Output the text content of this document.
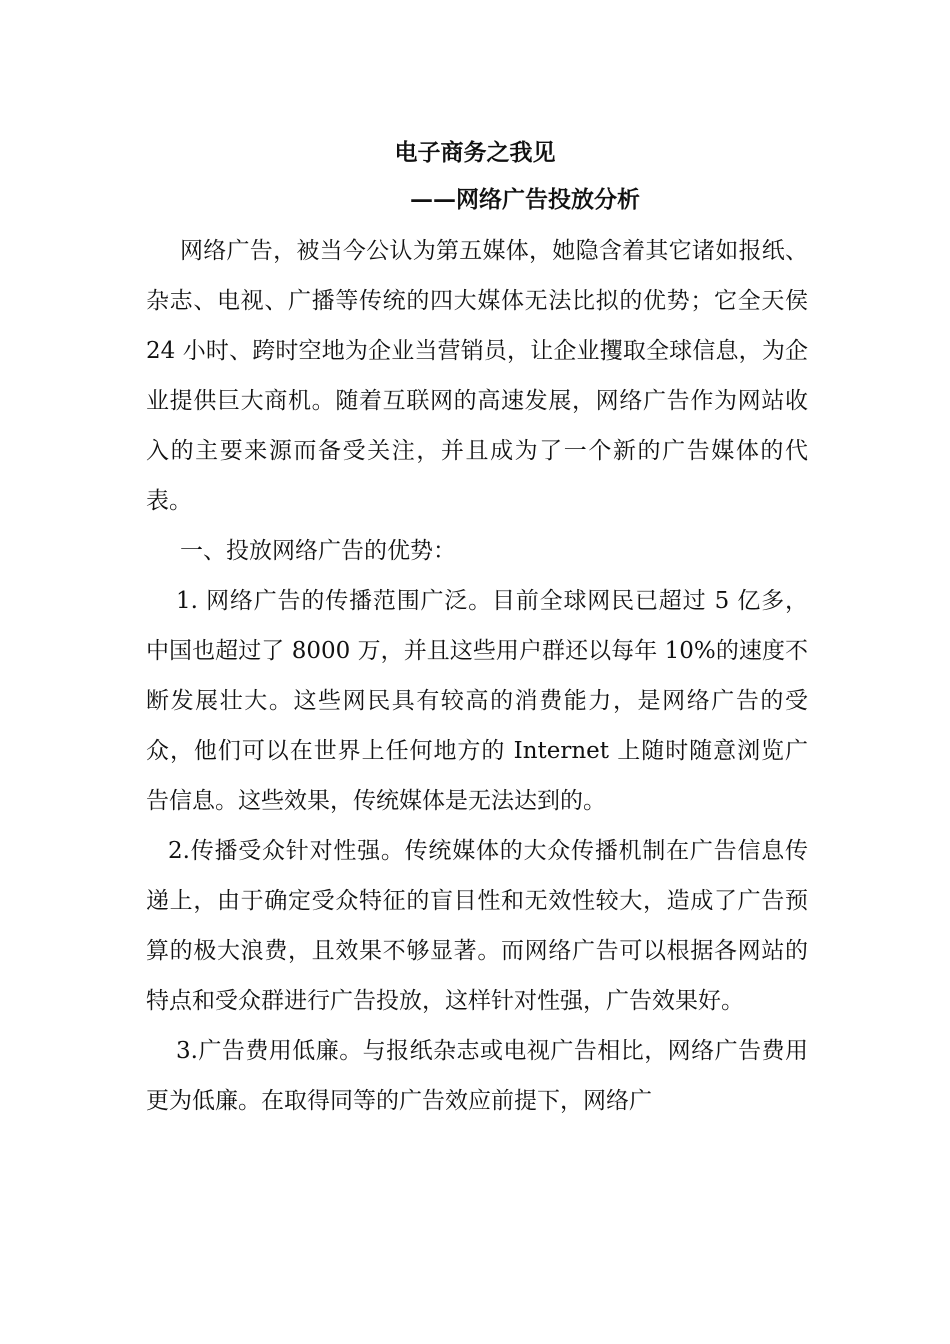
电子商务之我见
——网络广告投放分析

网络广告，被当今公认为第五媒体，她隐含着其它诸如报纸、杂志、电视、广播等传统的四大媒体无法比拟的优势；它全天侯 24 小时、跨时空地为企业当营销员，让企业攫取全球信息，为企业提供巨大商机。随着互联网的高速发展，网络广告作为网站收入的主要来源而备受关注，并且成为了一个新的广告媒体的代表。

一、投放网络广告的优势：

1. 网络广告的传播范围广泛。目前全球网民已超过 5 亿多，中国也超过了 8000 万，并且这些用户群还以每年 10%的速度不断发展壮大。这些网民具有较高的消费能力，是网络广告的受众，他们可以在世界上任何地方的 Internet 上随时随意浏览广告信息。这些效果，传统媒体是无法达到的。

2.传播受众针对性强。传统媒体的大众传播机制在广告信息传递上，由于确定受众特征的盲目性和无效性较大，造成了广告预算的极大浪费，且效果不够显著。而网络广告可以根据各网站的特点和受众群进行广告投放，这样针对性强，广告效果好。

3.广告费用低廉。与报纸杂志或电视广告相比，网络广告费用更为低廉。在取得同等的广告效应前提下，网络广
